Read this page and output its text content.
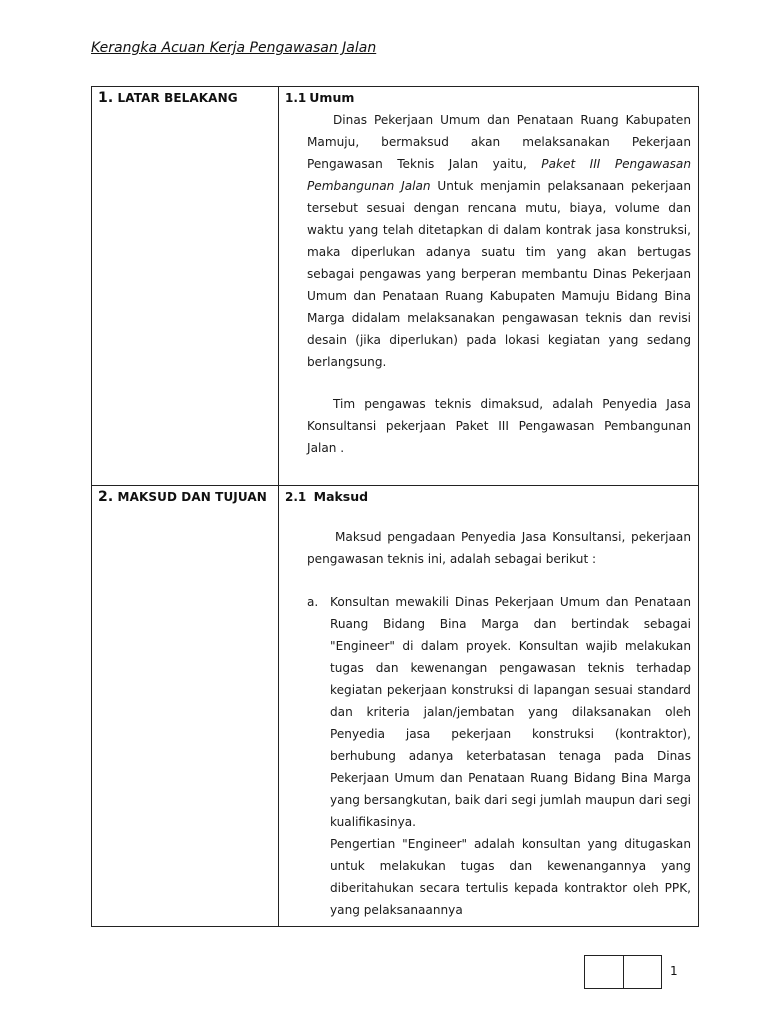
Kerangka Acuan Kerja Pengawasan Jalan
1. LATAR BELAKANG	1.1 Umum
Dinas Pekerjaan Umum dan Penataan Ruang Kabupaten Mamuju, bermaksud akan melaksanakan Pekerjaan Pengawasan Teknis Jalan yaitu, Paket III Pengawasan Pembangunan Jalan Untuk menjamin pelaksanaan pekerjaan tersebut sesuai dengan rencana mutu, biaya, volume dan waktu yang telah ditetapkan di dalam kontrak jasa konstruksi, maka diperlukan adanya suatu tim yang akan bertugas sebagai pengawas yang berperan membantu Dinas Pekerjaan Umum dan Penataan Ruang Kabupaten Mamuju Bidang Bina Marga didalam melaksanakan pengawasan teknis dan revisi desain (jika diperlukan) pada lokasi kegiatan yang sedang berlangsung.
Tim pengawas teknis dimaksud, adalah Penyedia Jasa Konsultansi pekerjaan Paket III Pengawasan Pembangunan Jalan .

2. MAKSUD DAN TUJUAN	2.1 Maksud
Maksud pengadaan Penyedia Jasa Konsultansi, pekerjaan pengawasan teknis ini, adalah sebagai berikut :
a. Konsultan mewakili Dinas Pekerjaan Umum dan Penataan Ruang Bidang Bina Marga dan bertindak sebagai "Engineer" di dalam proyek. Konsultan wajib melakukan tugas dan kewenangan pengawasan teknis terhadap kegiatan pekerjaan konstruksi di lapangan sesuai standard dan kriteria jalan/jembatan yang dilaksanakan oleh Penyedia jasa pekerjaan konstruksi (kontraktor), berhubung adanya keterbatasan tenaga pada Dinas Pekerjaan Umum dan Penataan Ruang Bidang Bina Marga yang bersangkutan, baik dari segi jumlah maupun dari segi kualifikasinya.
Pengertian "Engineer" adalah konsultan yang ditugaskan untuk melakukan tugas dan kewenangannya yang diberitahukan secara tertulis kepada kontraktor oleh PPK, yang pelaksanaannya
1
